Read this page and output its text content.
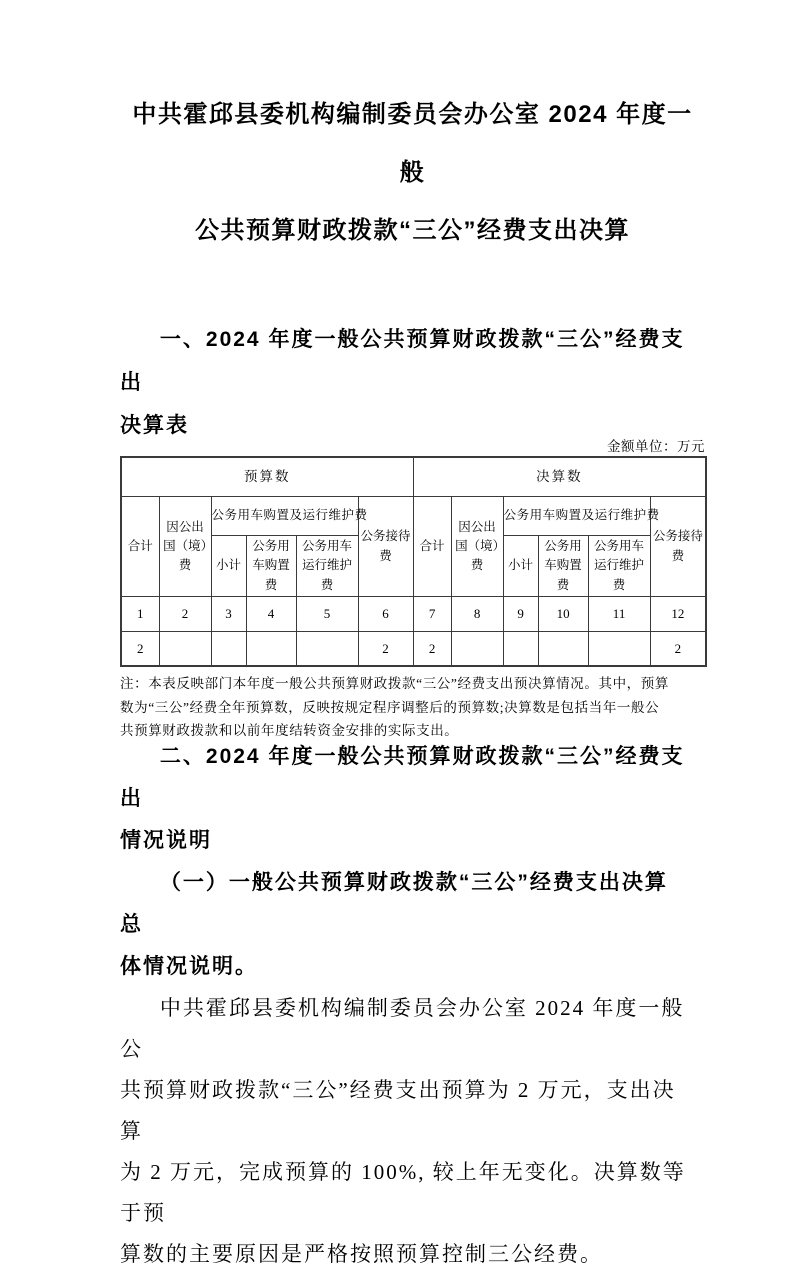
中共霍邱县委机构编制委员会办公室 2024 年度一般
公共预算财政拨款“三公”经费支出决算
一、2024 年度一般公共预算财政拨款“三公”经费支出
决算表
金额单位：万元
预算数						决算数					
合计	因公出国（境）费	公务用车购置及运行维护费			公务接待费	合计	因公出国（境）费	公务用车购置及运行维护费			公务接待费
		小计	公务用车购置费	公务用车运行维护费				小计	公务用车购置费	公务用车运行维护费	
1	2	3	4	5	6	7	8	9	10	11	12
2					2	2					2
注：本表反映部门本年度一般公共预算财政拨款“三公”经费支出预决算情况。其中，预算
数为“三公”经费全年预算数，反映按规定程序调整后的预算数;决算数是包括当年一般公
共预算财政拨款和以前年度结转资金安排的实际支出。
二、2024 年度一般公共预算财政拨款“三公”经费支出
情况说明
（一）一般公共预算财政拨款“三公”经费支出决算总
体情况说明。
中共霍邱县委机构编制委员会办公室 2024 年度一般公
共预算财政拨款“三公”经费支出预算为 2 万元，支出决算
为 2 万元，完成预算的 100%, 较上年无变化。决算数等于预
算数的主要原因是严格按照预算控制三公经费。
